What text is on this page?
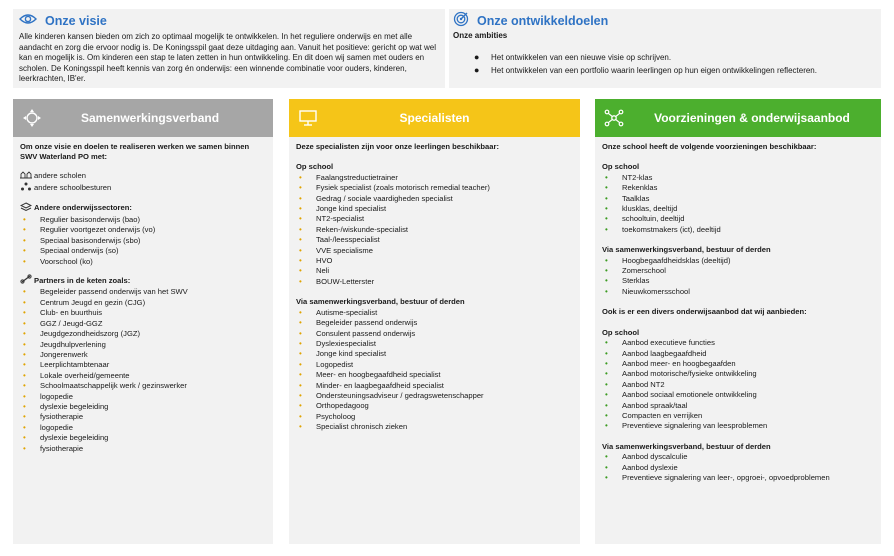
Onze visie
Alle kinderen kansen bieden om zich zo optimaal mogelijk te ontwikkelen. In het reguliere onderwijs en met alle aandacht en zorg die ervoor nodig is. De Koningsspil gaat deze uitdaging aan. Vanuit het positieve: gericht op wat wel kan en mogelijk is. Om kinderen een stap te laten zetten in hun ontwikkeling. En dit doen wij samen met ouders en scholen. De Koningsspil heeft kennis van zorg én onderwijs: een winnende combinatie voor ouders, kinderen, leerkrachten, IB'er.
Onze ontwikkeldoelen
Onze ambities
● Het ontwikkelen van een nieuwe visie op schrijven.
● Het ontwikkelen van een portfolio waarin leerlingen op hun eigen ontwikkelingen reflecteren.
Samenwerkingsverband
Om onze visie en doelen te realiseren werken we samen binnen SWV Waterland PO met:
andere scholen
andere schoolbesturen
Andere onderwijssectoren:
• Regulier basisonderwijs (bao)
• Regulier voortgezet onderwijs (vo)
• Speciaal basisonderwijs (sbo)
• Speciaal onderwijs (so)
• Voorschool (ko)
Partners in de keten zoals:
• Begeleider passend onderwijs van het SWV
• Centrum Jeugd en gezin (CJG)
• Club- en buurthuis
• GGZ / Jeugd-GGZ
• Jeugdgezondheidszorg (JGZ)
• Jeugdhulpverlening
• Jongerenwerk
• Leerplichtambtenaar
• Lokale overheid/gemeente
• Schoolmaatschappelijk werk / gezinswerker
• logopedie
• dyslexie begeleiding
• fysiotherapie
• logopedie
• dyslexie begeleiding
• fysiotherapie
Specialisten
Deze specialisten zijn voor onze leerlingen beschikbaar:
Op school
• Faalangstreductietrainer
• Fysiek specialist (zoals motorisch remedial teacher)
• Gedrag / sociale vaardigheden specialist
• Jonge kind specialist
• NT2-specialist
• Reken-/wiskunde-specialist
• Taal-/leesspecialist
• VVE specialisme
• HVO
• Neli
• BOUW-Letterster
Via samenwerkingsverband, bestuur of derden
• Autisme-specialist
• Begeleider passend onderwijs
• Consulent passend onderwijs
• Dyslexiespecialist
• Jonge kind specialist
• Logopedist
• Meer- en hoogbegaafdheid specialist
• Minder- en laagbegaafdheid specialist
• Ondersteuningsadviseur / gedragswetenschapper
• Orthopedagoog
• Psycholoog
• Specialist chronisch zieken
Voorzieningen & onderwijsaanbod
Onze school heeft de volgende voorzieningen beschikbaar:
Op school
• NT2-klas
• Rekenklas
• Taalklas
• klusklas, deeltijd
• schooltuin, deeltijd
• toekomstmakers (ict), deeltijd
Via samenwerkingsverband, bestuur of derden
• Hoogbegaafdheidsklas (deeltijd)
• Zomerschool
• Sterklas
• Nieuwkomersschool
Ook is er een divers onderwijsaanbod dat wij aanbieden:
Op school
• Aanbod executieve functies
• Aanbod laagbegaafdheid
• Aanbod meer- en hoogbegaafden
• Aanbod motorische/fysieke ontwikkeling
• Aanbod NT2
• Aanbod sociaal emotionele ontwikkeling
• Aanbod spraak/taal
• Compacten en verrijken
• Preventieve signalering van leesproblemen
Via samenwerkingsverband, bestuur of derden
• Aanbod dyscalculie
• Aanbod dyslexie
• Preventieve signalering van leer-, opgroei-, opvoedproblemen
